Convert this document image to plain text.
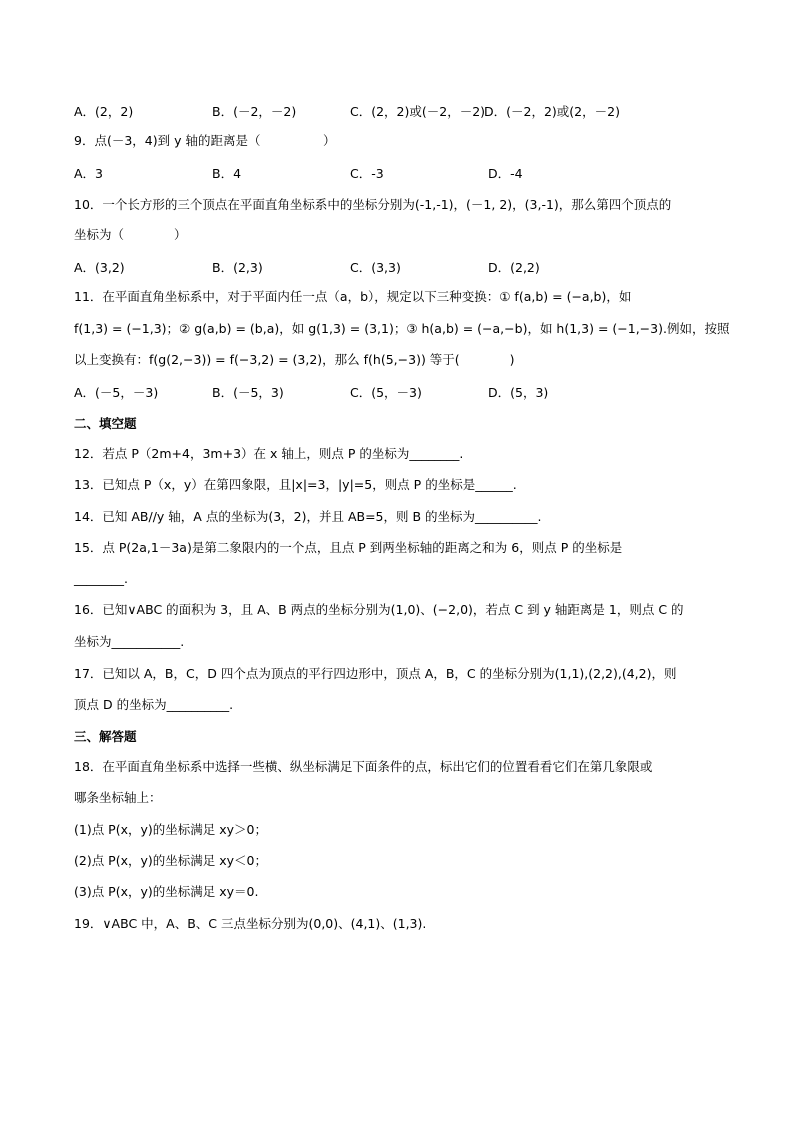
A．(2，2)	B．(－2，－2)	C．(2，2)或(－2，－2)
D．(－2，2)或(2，－2)
9．点(－3，4)到 y 轴的距离是（　　　　　）
A．3	B．4	C．-3	D．-4
10．一个长方形的三个顶点在平面直角坐标系中的坐标分别为(-1,-1)，(－1, 2)，(3,-1)，那么第四个顶点的
坐标为（　　　　）
A．(3,2)	B．(2,3)	C．(3,3)	D．(2,2)
11．在平面直角坐标系中，对于平面内任一点（a，b），规定以下三种变换：① f(a,b) = (−a,b)，如
f(1,3) = (−1,3)；② g(a,b) = (b,a)，如 g(1,3) = (3,1)；③ h(a,b) = (−a,−b)，如 h(1,3) = (−1,−3).例如，按照
以上变换有：f(g(2,−3)) = f(−3,2) = (3,2)，那么 f(h(5,−3)) 等于(　　　　)
A．(－5，－3)	B．(－5，3)	C．(5，－3)	D．(5，3)
二、填空题
12．若点 P（2m+4，3m+3）在 x 轴上，则点 P 的坐标为________.
13．已知点 P（x，y）在第四象限，且|x|=3，|y|=5，则点 P 的坐标是______.
14．已知 AB//y 轴，A 点的坐标为(3，2)，并且 AB=5，则 B 的坐标为__________.
15．点 P(2a,1－3a)是第二象限内的一个点，且点 P 到两坐标轴的距离之和为 6，则点 P 的坐标是
________.
16．已知∨ABC 的面积为 3，且 A、B 两点的坐标分别为(1,0)、(−2,0)，若点 C 到 y 轴距离是 1，则点 C 的
坐标为___________.
17．已知以 A，B，C，D 四个点为顶点的平行四边形中，顶点 A，B，C 的坐标分别为(1,1),(2,2),(4,2)，则
顶点 D 的坐标为__________.
三、解答题
18．在平面直角坐标系中选择一些横、纵坐标满足下面条件的点，标出它们的位置看看它们在第几象限或
哪条坐标轴上：
(1)点 P(x，y)的坐标满足 xy＞0；
(2)点 P(x，y)的坐标满足 xy＜0；
(3)点 P(x，y)的坐标满足 xy＝0.
19．∨ABC 中，A、B、C 三点坐标分别为(0,0)、(4,1)、(1,3).
